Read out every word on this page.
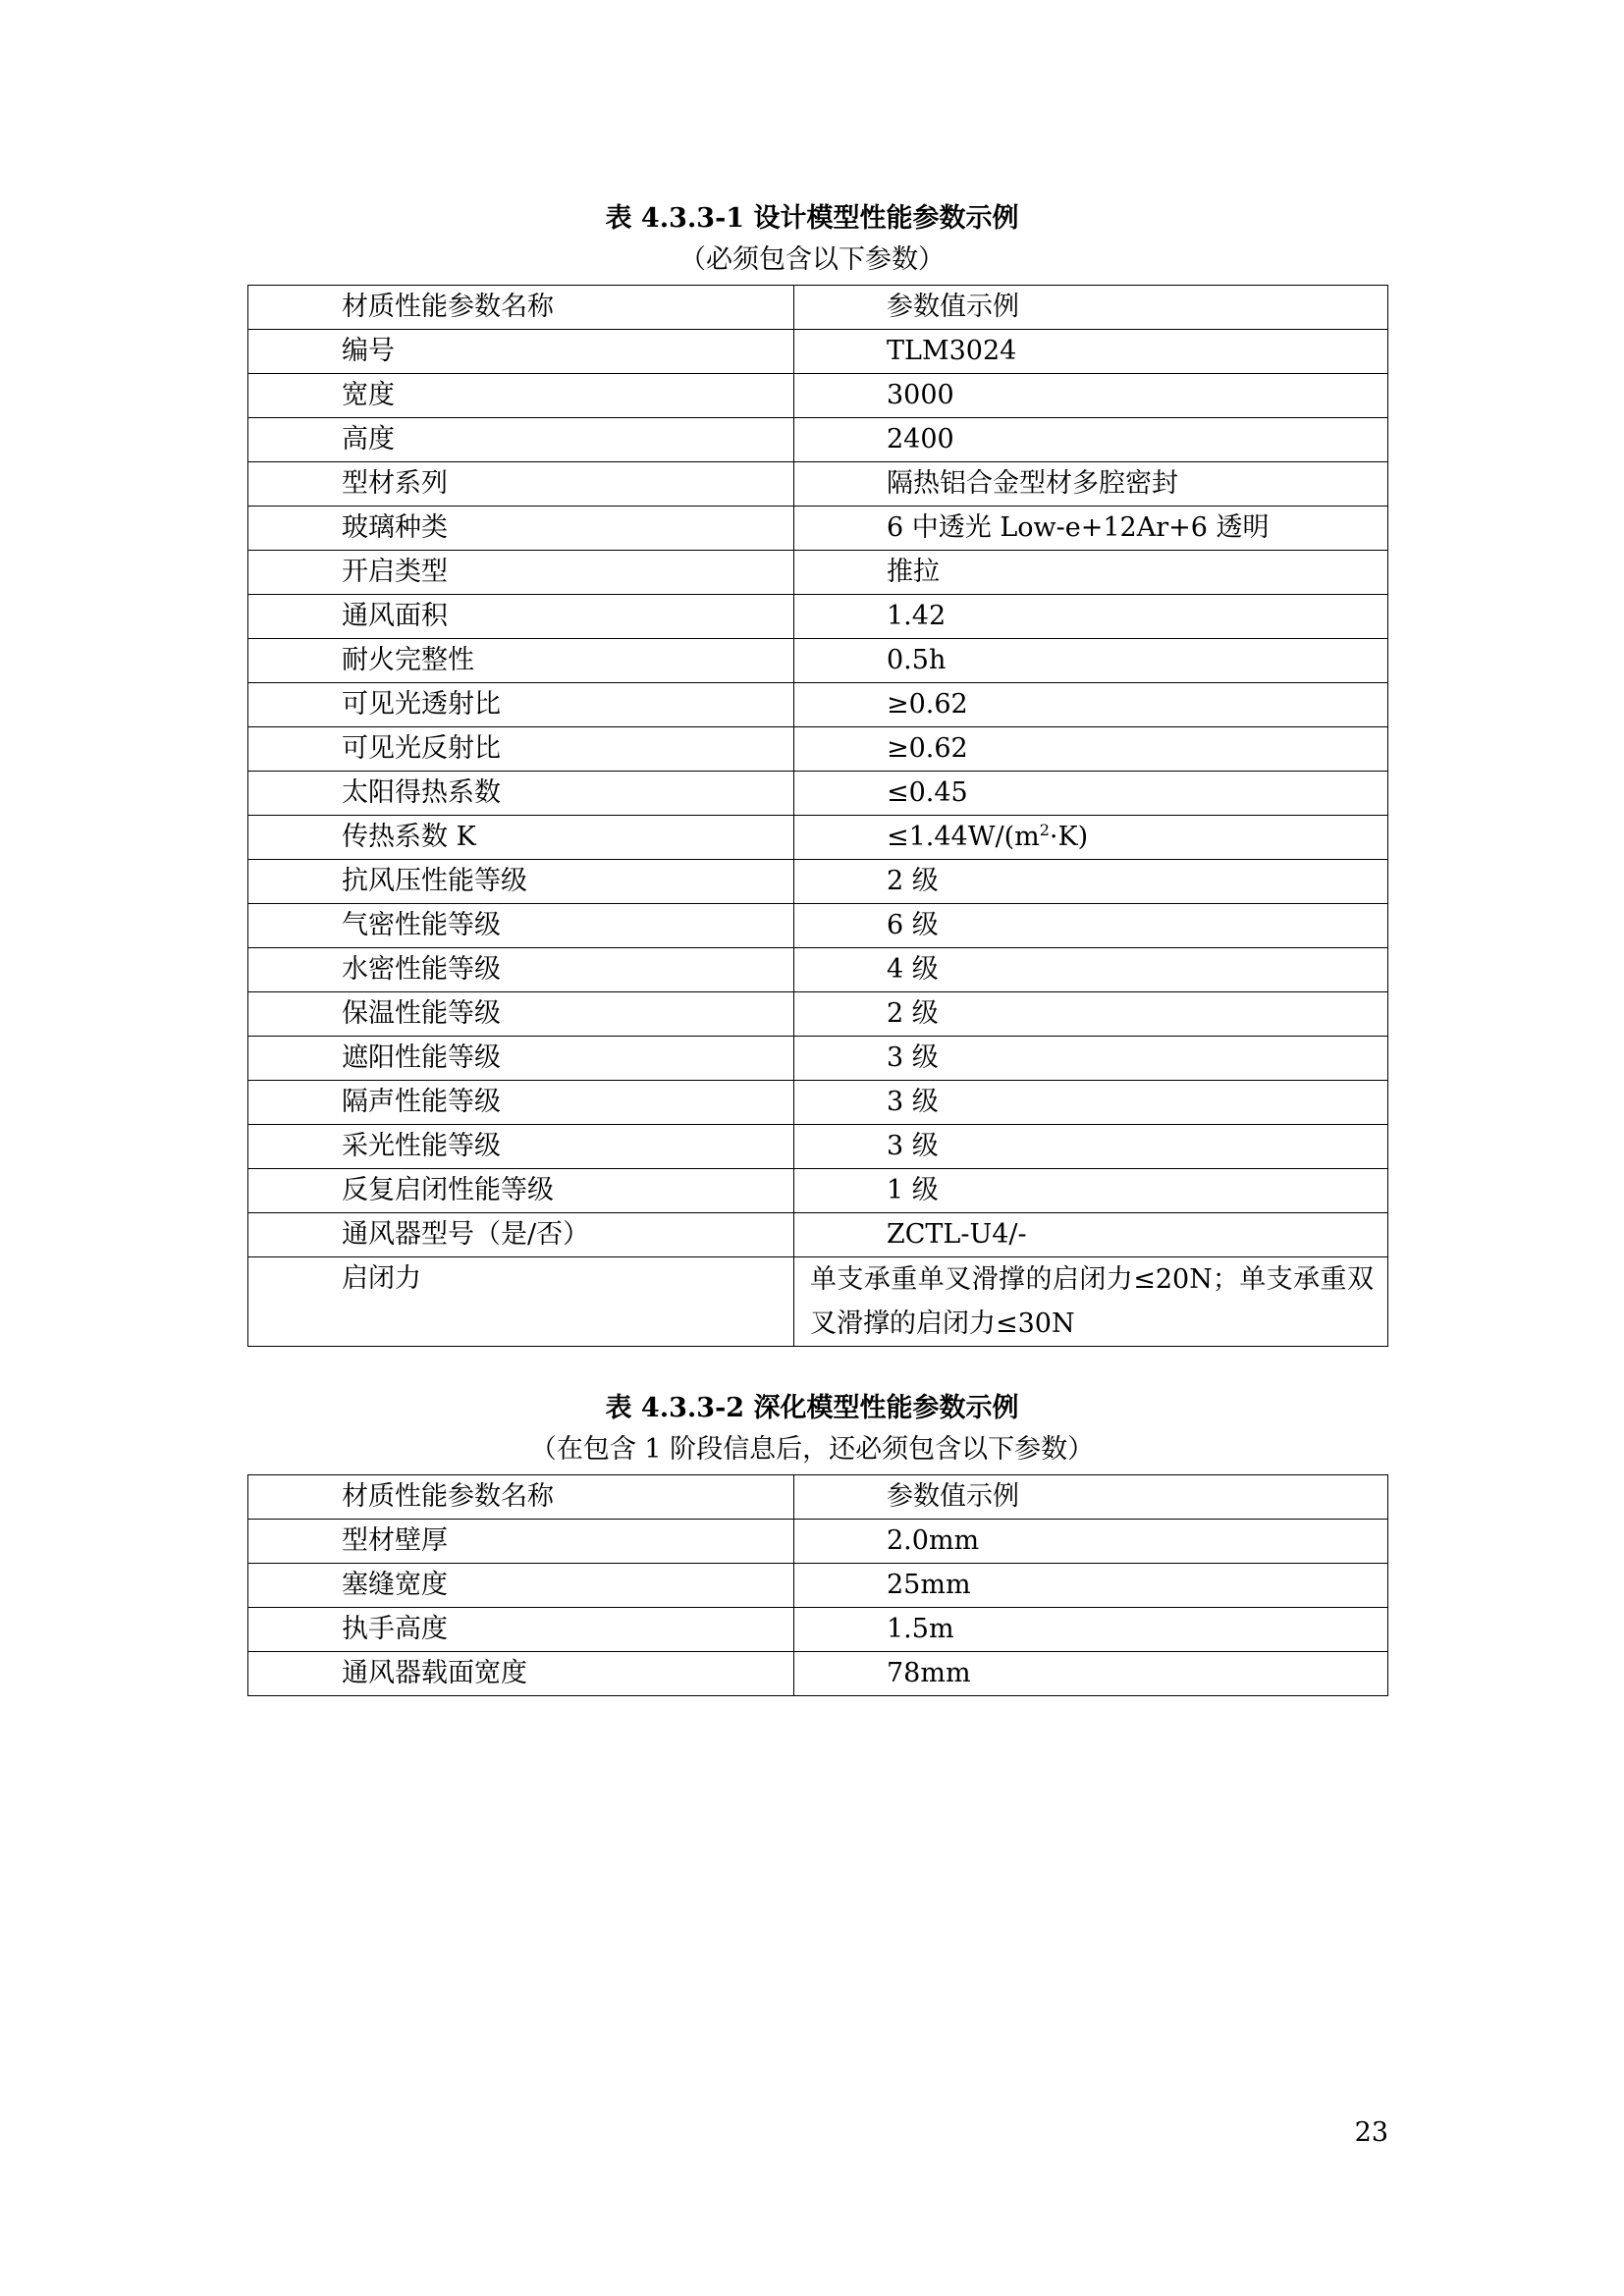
表 4.3.3-1 设计模型性能参数示例
（必须包含以下参数）
材质性能参数名称	参数值示例
编号	TLM3024
宽度	3000
高度	2400
型材系列	隔热铝合金型材多腔密封
玻璃种类	6 中透光 Low-e+12Ar+6 透明
开启类型	推拉
通风面积	1.42
耐火完整性	0.5h
可见光透射比	≥0.62
可见光反射比	≥0.62
太阳得热系数	≤0.45
传热系数 K	$\le 1.44W/(m^2\cdot K)$
抗风压性能等级	2 级
气密性能等级	6 级
水密性能等级	4 级
保温性能等级	2 级
遮阳性能等级	3 级
隔声性能等级	3 级
采光性能等级	3 级
反复启闭性能等级	1 级
通风器型号（是/否）	ZCTL-U4/-
启闭力	单支承重单叉滑撑的启闭力≤20N；单支承重双叉滑撑的启闭力≤30N
表 4.3.3-2 深化模型性能参数示例
（在包含 1 阶段信息后，还必须包含以下参数）
材质性能参数名称	参数值示例
型材壁厚	2.0mm
塞缝宽度	25mm
执手高度	1.5m
通风器载面宽度	78mm
23
